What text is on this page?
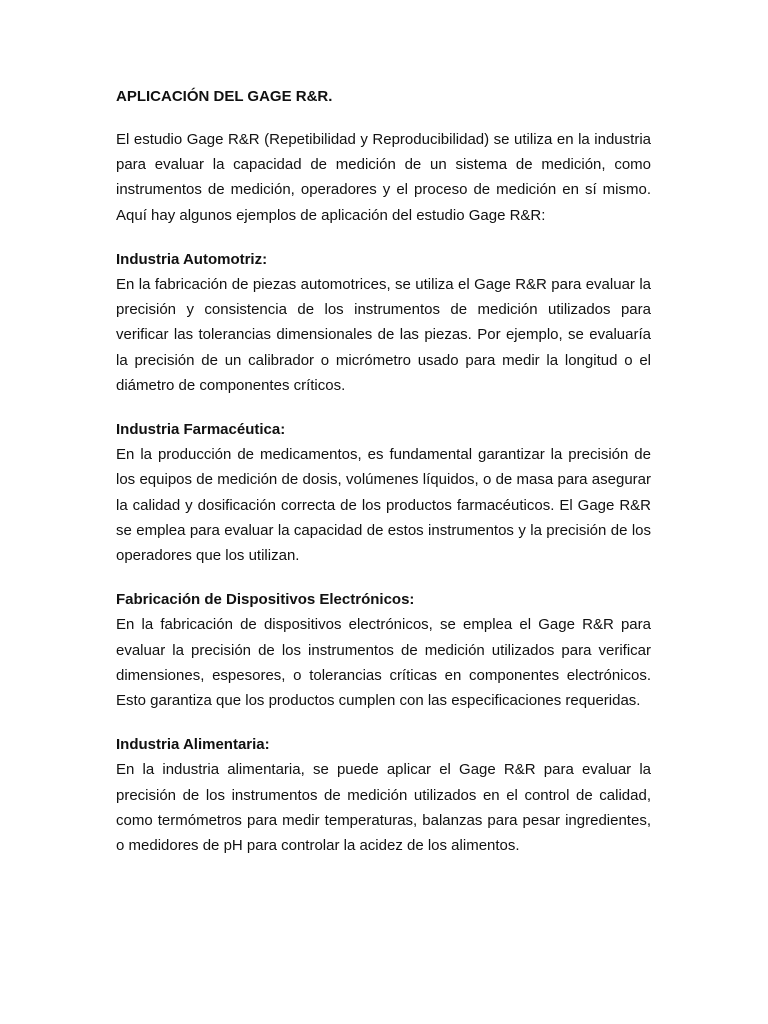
APLICACIÓN DEL GAGE R&R.

El estudio Gage R&R (Repetibilidad y Reproducibilidad) se utiliza en la industria para evaluar la capacidad de medición de un sistema de medición, como instrumentos de medición, operadores y el proceso de medición en sí mismo. Aquí hay algunos ejemplos de aplicación del estudio Gage R&R:

Industria Automotriz:

En la fabricación de piezas automotrices, se utiliza el Gage R&R para evaluar la precisión y consistencia de los instrumentos de medición utilizados para verificar las tolerancias dimensionales de las piezas. Por ejemplo, se evaluaría la precisión de un calibrador o micrómetro usado para medir la longitud o el diámetro de componentes críticos.

Industria Farmacéutica:

En la producción de medicamentos, es fundamental garantizar la precisión de los equipos de medición de dosis, volúmenes líquidos, o de masa para asegurar la calidad y dosificación correcta de los productos farmacéuticos. El Gage R&R se emplea para evaluar la capacidad de estos instrumentos y la precisión de los operadores que los utilizan.

Fabricación de Dispositivos Electrónicos:

En la fabricación de dispositivos electrónicos, se emplea el Gage R&R para evaluar la precisión de los instrumentos de medición utilizados para verificar dimensiones, espesores, o tolerancias críticas en componentes electrónicos. Esto garantiza que los productos cumplen con las especificaciones requeridas.

Industria Alimentaria:

En la industria alimentaria, se puede aplicar el Gage R&R para evaluar la precisión de los instrumentos de medición utilizados en el control de calidad, como termómetros para medir temperaturas, balanzas para pesar ingredientes, o medidores de pH para controlar la acidez de los alimentos.
